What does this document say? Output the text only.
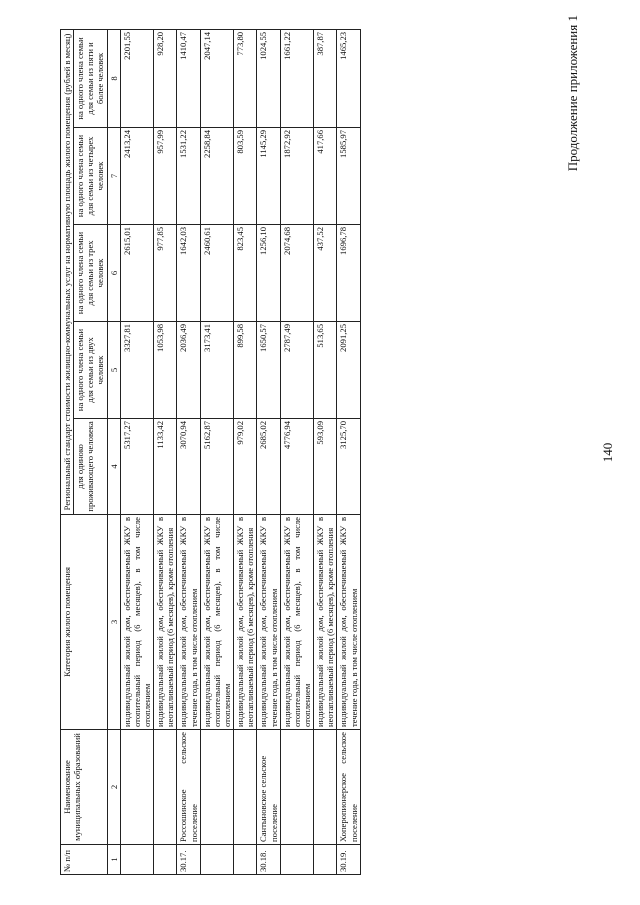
140
Продолжение приложения 1
№ п/п	Наименование муниципальных образований	Категория жилого помещения	Региональный стандарт стоимости жилищно-коммунальных услуг на нормативную площадь жилого помещения (рублей в месяц)				
			для одиноко проживающего человека	на одного члена семьи для семьи из двух человек	на одного члена семьи для семьи из трех человек	на одного члена семьи для семьи из четырех человек	на одного члена семьи для семьи из пяти и более человек
1	2	3	4	5	6	7	8
		индивидуальный жилой дом, обеспечиваемый ЖКУ в отопительный период (6 месяцев), в том числе отоплением	5317,27	3327,81	2615,01	2413,24	2201,55
		индивидуальный жилой дом, обеспечиваемый ЖКУ в неотапливаемый период (6 месяцев), кроме отопления	1133,42	1053,98	977,85	957,99	928,20
30.17.	Россошинское сельское поселение	индивидуальный жилой дом, обеспечиваемый ЖКУ в течение года, в том числе отоплением	3070,94	2036,49	1642,03	1531,22	1410,47
		индивидуальный жилой дом, обеспечиваемый ЖКУ в отопительный период (6 месяцев), в том числе отоплением	5162,87	3173,41	2460,61	2258,84	2047,14
		индивидуальный жилой дом, обеспечиваемый ЖКУ в неотапливаемый период (6 месяцев), кроме отопления	979,02	899,58	823,45	803,59	773,80
30.18.	Сантыновское сельское поселение	индивидуальный жилой дом, обеспечиваемый ЖКУ в течение года, в том числе отоплением	2685,02	1650,57	1256,10	1145,29	1024,55
		индивидуальный жилой дом, обеспечиваемый ЖКУ в отопительный период (6 месяцев), в том числе отоплением	4776,94	2787,49	2074,68	1872,92	1661,22
		индивидуальный жилой дом, обеспечиваемый ЖКУ в неотапливаемый период (6 месяцев), кроме отопления	593,09	513,65	437,52	417,66	387,87
30.19.	Хоперопионерское сельское поселение	индивидуальный жилой дом, обеспечиваемый ЖКУ в течение года, в том числе отоплением	3125,70	2091,25	1696,78	1585,97	1465,23
